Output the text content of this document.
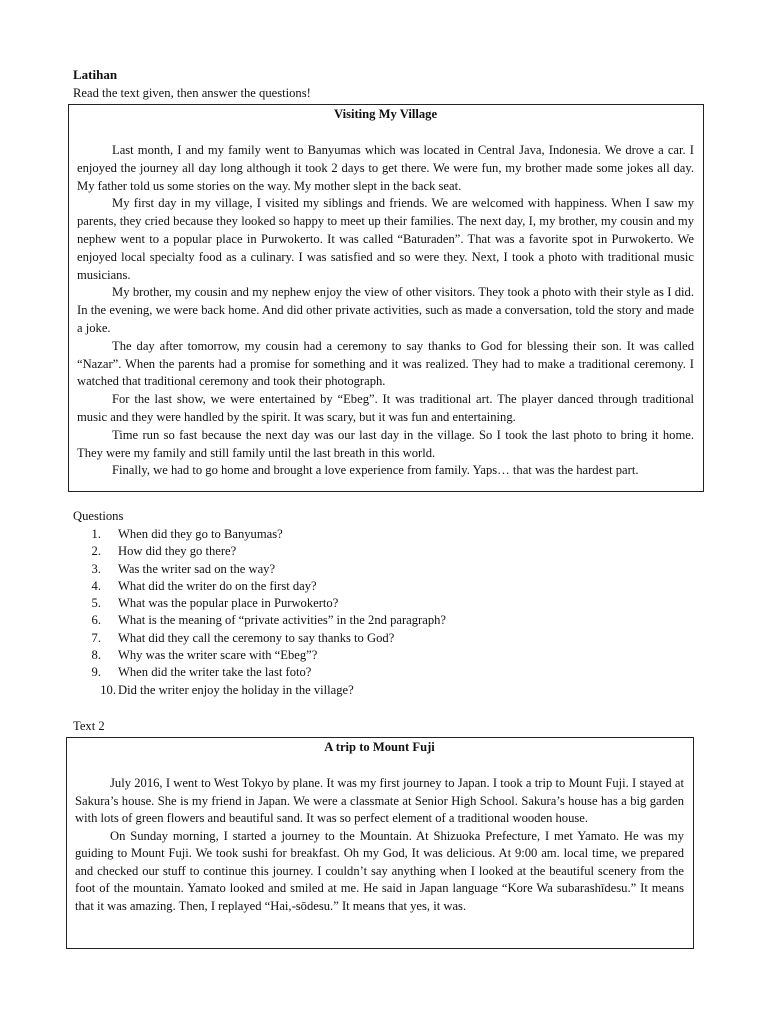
Latihan
Read the text given, then answer the questions!
Visiting My Village

Last month, I and my family went to Banyumas which was located in Central Java, Indonesia. We drove a car. I enjoyed the journey all day long although it took 2 days to get there. We were fun, my brother made some jokes all day. My father told us some stories on the way. My mother slept in the back seat.

My first day in my village, I visited my siblings and friends. We are welcomed with happiness. When I saw my parents, they cried because they looked so happy to meet up their families. The next day, I, my brother, my cousin and my nephew went to a popular place in Purwokerto. It was called “Baturaden”. That was a favorite spot in Purwokerto. We enjoyed local specialty food as a culinary. I was satisfied and so were they. Next, I took a photo with traditional music musicians.

My brother, my cousin and my nephew enjoy the view of other visitors. They took a photo with their style as I did. In the evening, we were back home. And did other private activities, such as made a conversation, told the story and made a joke.

The day after tomorrow, my cousin had a ceremony to say thanks to God for blessing their son. It was called “Nazar”. When the parents had a promise for something and it was realized. They had to make a traditional ceremony. I watched that traditional ceremony and took their photograph.

For the last show, we were entertained by “Ebeg”. It was traditional art. The player danced through traditional music and they were handled by the spirit. It was scary, but it was fun and entertaining.

Time run so fast because the next day was our last day in the village. So I took the last photo to bring it home. They were my family and still family until the last breath in this world.

Finally, we had to go home and brought a love experience from family. Yaps… that was the hardest part.

Questions
1.	When did they go to Banyumas?
2.	How did they go there?
3.	Was the writer sad on the way?
4.	What did the writer do on the first day?
5.	What was the popular place in Purwokerto?
6.	What is the meaning of “private activities” in the 2nd paragraph?
7.	What did they call the ceremony to say thanks to God?
8.	Why was the writer scare with “Ebeg”?
9.	When did the writer take the last foto?
10. Did the writer enjoy the holiday in the village?
Text 2
A trip to Mount Fuji

July 2016, I went to West Tokyo by plane. It was my first journey to Japan. I took a trip to Mount Fuji. I stayed at Sakura’s house. She is my friend in Japan. We were a classmate at Senior High School. Sakura’s house has a big garden with lots of green flowers and beautiful sand. It was so perfect element of a traditional wooden house.

On Sunday morning, I started a journey to the Mountain. At Shizuoka Prefecture, I met Yamato. He was my guiding to Mount Fuji. We took sushi for breakfast. Oh my God, It was delicious. At 9:00 am. local time, we prepared and checked our stuff to continue this journey. I couldn’t say anything when I looked at the beautiful scenery from the foot of the mountain. Yamato looked and smiled at me. He said in Japan language “Kore Wa subarashīdesu.” It means that it was amazing. Then, I replayed “Hai,-sōdesu.” It means that yes, it was.
